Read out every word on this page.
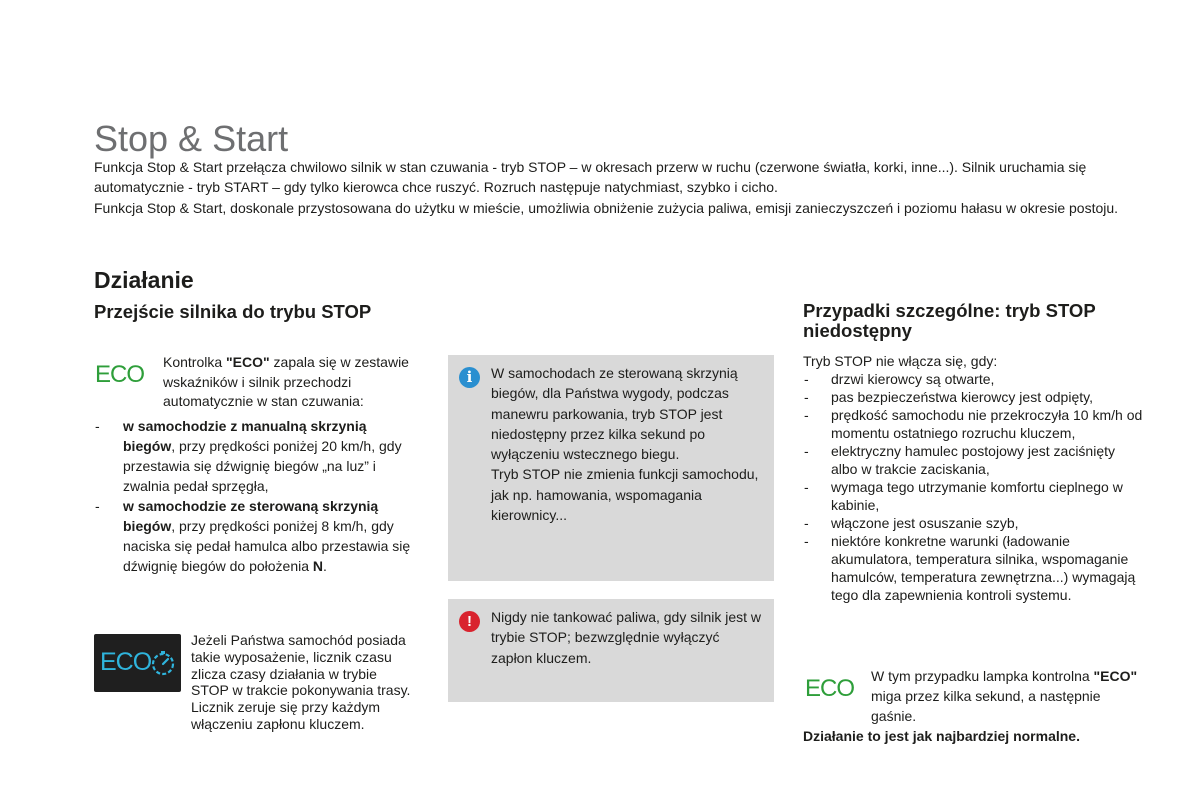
Stop & Start

Funkcja Stop & Start przełącza chwilowo silnik w stan czuwania - tryb STOP – w okresach przerw w ruchu (czerwone światła, korki, inne...). Silnik uruchamia się automatycznie - tryb START – gdy tylko kierowca chce ruszyć. Rozruch następuje natychmiast, szybko i cicho.

Funkcja Stop & Start, doskonale przystosowana do użytku w mieście, umożliwia obniżenie zużycia paliwa, emisji zanieczyszczeń i poziomu hałasu w okresie postoju.

Działanie
Przejście silnika do trybu STOP
ECO Kontrolka "ECO" zapala się w zestawie wskaźników i silnik przechodzi automatycznie w stan czuwania:

- w samochodzie z manualną skrzynią biegów, przy prędkości poniżej 20 km/h, gdy przestawia się dźwignię biegów „na luz” i zwalnia pedał sprzęgła,
- w samochodzie ze sterowaną skrzynią biegów, przy prędkości poniżej 8 km/h, gdy naciska się pedał hamulca albo przestawia się dźwignię biegów do położenia N.
ECO

Jeżeli Państwa samochód posiada takie wyposażenie, licznik czasu zlicza czasy działania w trybie STOP w trakcie pokonywania trasy. Licznik zeruje się przy każdym włączeniu zapłonu kluczem.

i	W samochodach ze sterowaną skrzynią biegów, dla Państwa wygody, podczas manewru parkowania, tryb STOP jest niedostępny przez kilka sekund po wyłączeniu wstecznego biegu.

Tryb STOP nie zmienia funkcji samochodu, jak np. hamowania, wspomagania kierownicy...

!	Nigdy nie tankować paliwa, gdy silnik jest w trybie STOP; bezwzględnie wyłączyć zapłon kluczem.
Przypadki szczególne: tryb STOP niedostępny

Tryb STOP nie włącza się, gdy:

- drzwi kierowcy są otwarte,
- pas bezpieczeństwa kierowcy jest odpięty,
- prędkość samochodu nie przekroczyła 10 km/h od momentu ostatniego rozruchu kluczem,
- elektryczny hamulec postojowy jest zaciśnięty albo w trakcie zaciskania,
- wymaga tego utrzymanie komfortu cieplnego w kabinie,
- włączone jest osuszanie szyb,
- niektóre konkretne warunki (ładowanie akumulatora, temperatura silnika, wspomaganie hamulców, temperatura zewnętrzna...) wymagają tego dla zapewnienia kontroli systemu.
ECO W tym przypadku lampka kontrolna "ECO" miga przez kilka sekund, a następnie gaśnie.

Działanie to jest jak najbardziej normalne.
